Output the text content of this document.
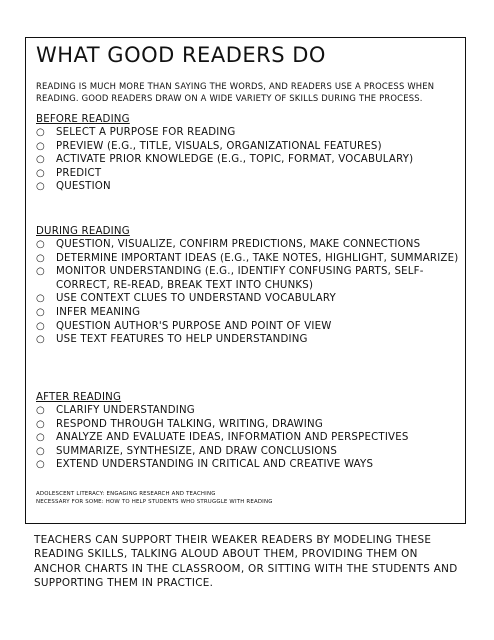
WHAT GOOD READERS DO
READING IS MUCH MORE THAN SAYING THE WORDS, AND READERS USE A PROCESS WHEN READING. GOOD READERS DRAW ON A WIDE VARIETY OF SKILLS DURING THE PROCESS.
BEFORE READING
○ SELECT A PURPOSE FOR READING
○ PREVIEW (E.G., TITLE, VISUALS, ORGANIZATIONAL FEATURES)
○ ACTIVATE PRIOR KNOWLEDGE (E.G., TOPIC, FORMAT, VOCABULARY)
○ PREDICT
○ QUESTION
DURING READING
○ QUESTION, VISUALIZE, CONFIRM PREDICTIONS, MAKE CONNECTIONS
○ DETERMINE IMPORTANT IDEAS (E.G., TAKE NOTES, HIGHLIGHT, SUMMARIZE)
○ MONITOR UNDERSTANDING (E.G., IDENTIFY CONFUSING PARTS, SELF-CORRECT, RE-READ, BREAK TEXT INTO CHUNKS)
○ USE CONTEXT CLUES TO UNDERSTAND VOCABULARY
○ INFER MEANING
○ QUESTION AUTHOR'S PURPOSE AND POINT OF VIEW
○ USE TEXT FEATURES TO HELP UNDERSTANDING
AFTER READING
○ CLARIFY UNDERSTANDING
○ RESPOND THROUGH TALKING, WRITING, DRAWING
○ ANALYZE AND EVALUATE IDEAS, INFORMATION AND PERSPECTIVES
○ SUMMARIZE, SYNTHESIZE, AND DRAW CONCLUSIONS
○ EXTEND UNDERSTANDING IN CRITICAL AND CREATIVE WAYS
ADOLESCENT LITERACY: ENGAGING RESEARCH AND TEACHING
NECESSARY FOR SOME: HOW TO HELP STUDENTS WHO STRUGGLE WITH READING
TEACHERS CAN SUPPORT THEIR WEAKER READERS BY MODELING THESE READING SKILLS, TALKING ALOUD ABOUT THEM, PROVIDING THEM ON ANCHOR CHARTS IN THE CLASSROOM, OR SITTING WITH THE STUDENTS AND SUPPORTING THEM IN PRACTICE.
